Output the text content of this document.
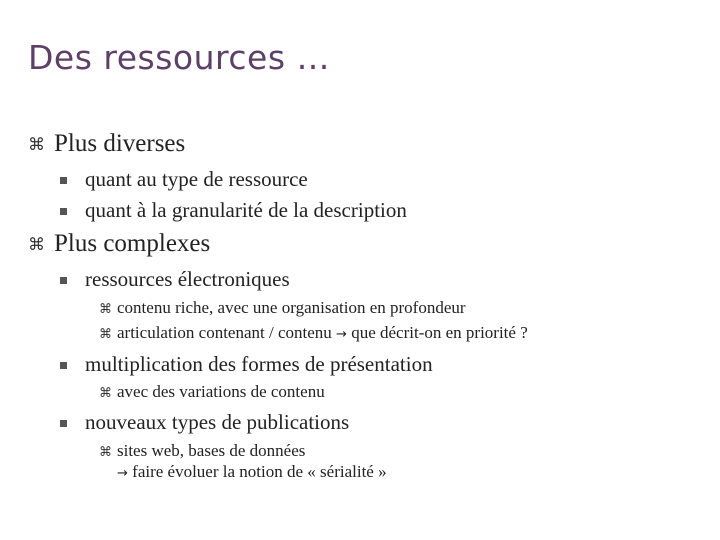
Des ressources …
⌘ Plus diverses
quant au type de ressource
quant à la granularité de la description
⌘ Plus complexes
ressources électroniques
⌘ contenu riche, avec une organisation en profondeur
⌘ articulation contenant / contenu → que décrit-on en priorité ?
multiplication des formes de présentation
⌘ avec des variations de contenu
nouveaux types de publications
⌘ sites web, bases de données
→ faire évoluer la notion de « sérialité »
